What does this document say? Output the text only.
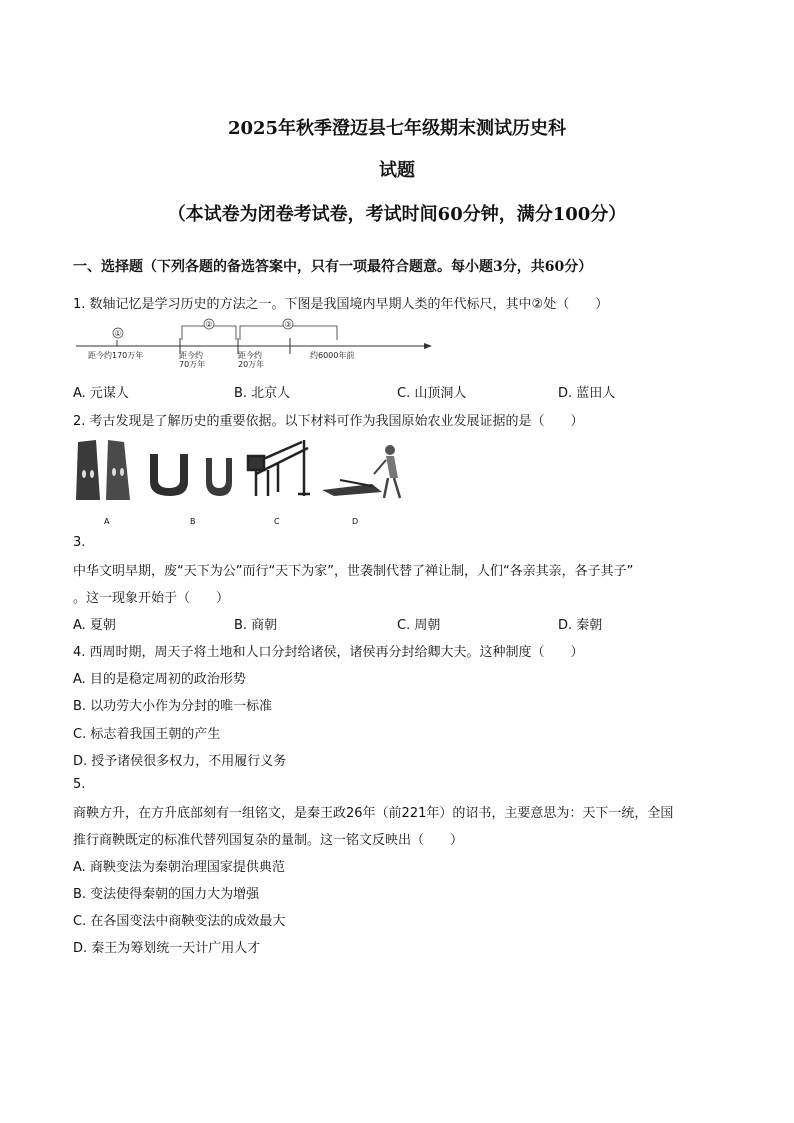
2025年秋季澄迈县七年级期末测试历史科
试题
（本试卷为闭卷考试卷，考试时间60分钟，满分100分）
一、选择题（下列各题的备选答案中，只有一项最符合题意。每小题3分，共60分）
1. 数轴记忆是学习历史的方法之一。下图是我国境内早期人类的年代标尺，其中②处（　　）
①
②	③
距今约170万年	距今约
70万年
距今约
20万年
约6000年前
A. 元谋人	B. 北京人	C. 山顶洞人	D. 蓝田人
2. 考古发现是了解历史的重要依据。以下材料可作为我国原始农业发展证据的是（　　）
A	B	C	D
3.
中华文明早期，废“天下为公”而行“天下为家”，世袭制代替了禅让制，人们“各亲其亲，各子其子”
。这一现象开始于（　　）
A. 夏朝	B. 商朝	C. 周朝	D. 秦朝
4. 西周时期，周天子将土地和人口分封给诸侯，诸侯再分封给卿大夫。这种制度（　　）
A. 目的是稳定周初的政治形势
B. 以功劳大小作为分封的唯一标准
C. 标志着我国王朝的产生
D. 授予诸侯很多权力，不用履行义务
5.
商鞅方升，在方升底部刻有一组铭文，是秦王政26年（前221年）的诏书，主要意思为：天下一统，全国
推行商鞅既定的标准代替列国复杂的量制。这一铭文反映出（　　）
A. 商鞅变法为秦朝治理国家提供典范
B. 变法使得秦朝的国力大为增强
C. 在各国变法中商鞅变法的成效最大
D. 秦王为筹划统一天计广用人才
